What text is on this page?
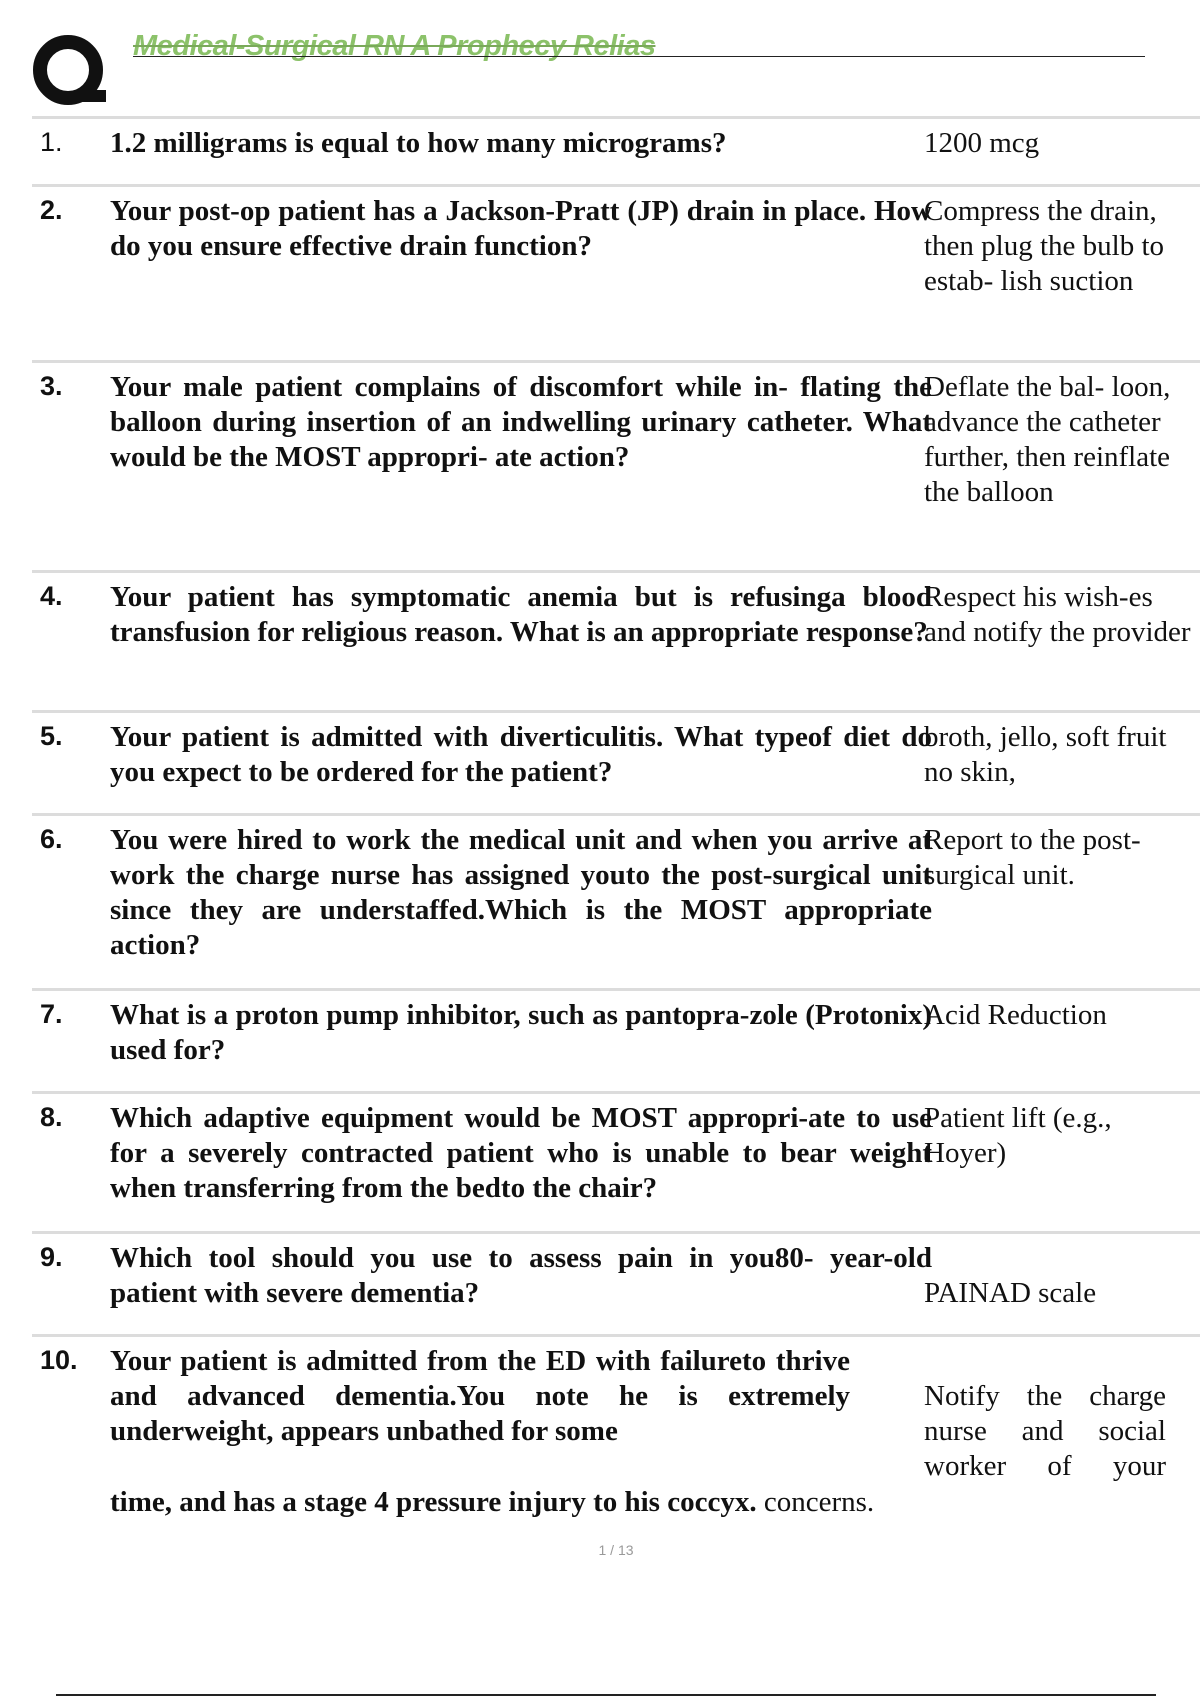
Medical-Surgical RN A Prophecy Relias
1. 1.2 milligrams is equal to how many micrograms?	1200 mcg
2. Your post-op patient has a Jackson-Pratt (JP) drain in place. How do you ensure effective drain function?
Compress the drain, then plug the bulb to estab- lish suction
3. Your male patient complains of discomfort while in- flating the balloon during insertion of an indwelling urinary catheter. What would be the MOST appropri- ate action?
Deflate the bal- loon, advance the catheter further, then reinflate the balloon
4. Your patient has symptomatic anemia but is refusinga blood transfusion for religious reason. What is an appropriate response?
Respect his wish-es and notify the provider
5. Your patient is admitted with diverticulitis. What typeof diet do you expect to be ordered for the patient?
broth, jello, soft fruit no skin,
6. You were hired to work the medical unit and when you arrive at work the charge nurse has assigned youto the post-surgical unit since they are understaffed.Which is the MOST appropriate action?
Report to the post- surgical unit.
7. What is a proton pump inhibitor, such as pantopra-zole (Protonix) used for?
Acid Reduction
8. Which adaptive equipment would be MOST appropri-ate to use for a severely contracted patient who is unable to bear weight when transferring from the bedto the chair?
Patient lift (e.g., Hoyer)
9. Which tool should you use to assess pain in you80- year-old patient with severe dementia?	PAINAD scale
10. Your patient is admitted from the ED with failureto thrive and advanced dementia.You note he is extremely underweight, appears unbathed for some
Notify the charge nurse and social worker of your
time, and has a stage 4 pressure injury to his coccyx. concerns.
1 / 13
